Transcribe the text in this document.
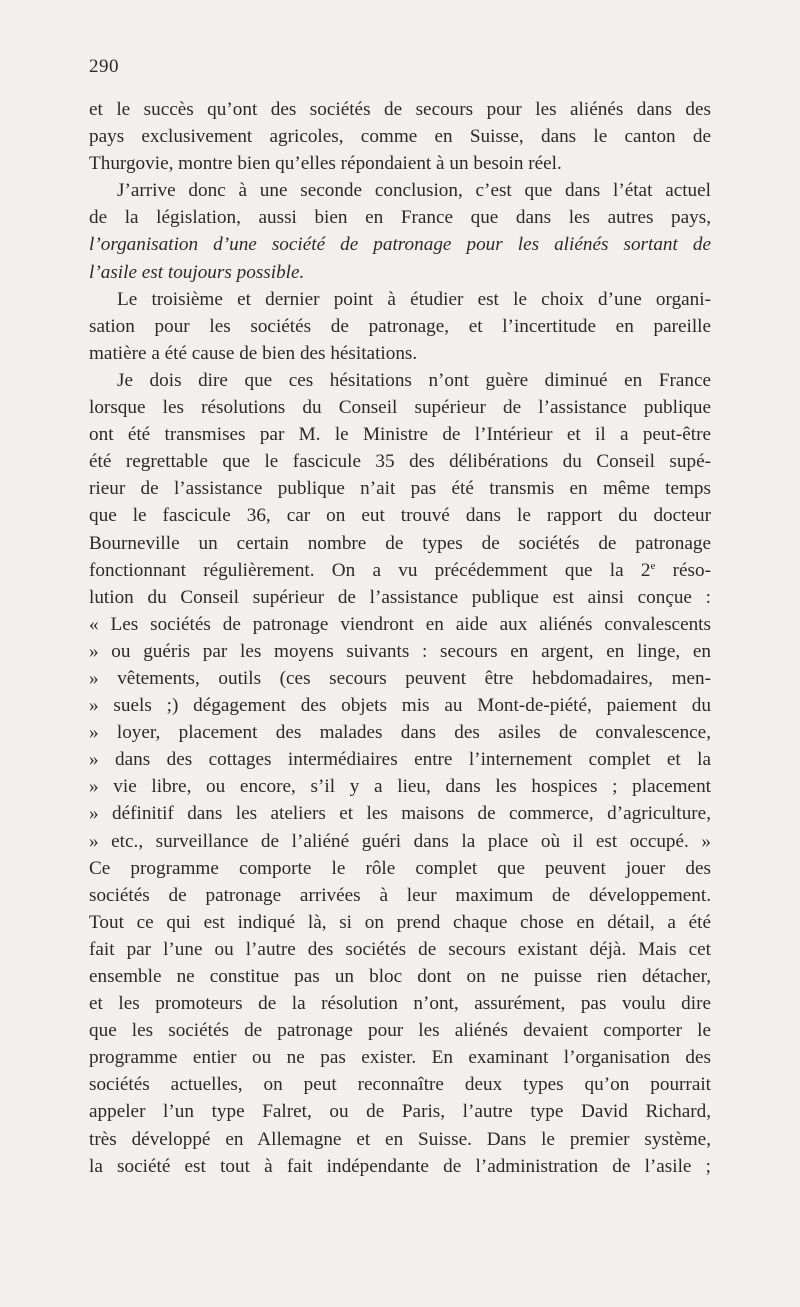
290
et le succès qu’ont des sociétés de secours pour les aliénés dans des
pays exclusivement agricoles, comme en Suisse, dans le canton de
Thurgovie, montre bien qu’elles répondaient à un besoin réel.
J’arrive donc à une seconde conclusion, c’est que dans l’état actuel
de la législation, aussi bien en France que dans les autres pays,
l’organisation d’une société de patronage pour les aliénés sortant de
l’asile est toujours possible.
Le troisième et dernier point à étudier est le choix d’une organi-
sation pour les sociétés de patronage, et l’incertitude en pareille
matière a été cause de bien des hésitations.
Je dois dire que ces hésitations n’ont guère diminué en France
lorsque les résolutions du Conseil supérieur de l’assistance publique
ont été transmises par M. le Ministre de l’Intérieur et il a peut-être
été regrettable que le fascicule 35 des délibérations du Conseil supé-
rieur de l’assistance publique n’ait pas été transmis en même temps
que le fascicule 36, car on eut trouvé dans le rapport du docteur
Bourneville un certain nombre de types de sociétés de patronage
fonctionnant régulièrement. On a vu précédemment que la 2e réso-
lution du Conseil supérieur de l’assistance publique est ainsi conçue :
« Les sociétés de patronage viendront en aide aux aliénés convalescents
» ou guéris par les moyens suivants : secours en argent, en linge, en
» vêtements, outils (ces secours peuvent être hebdomadaires, men-
» suels ;) dégagement des objets mis au Mont-de-piété, paiement du
» loyer, placement des malades dans des asiles de convalescence,
» dans des cottages intermédiaires entre l’internement complet et la
» vie libre, ou encore, s’il y a lieu, dans les hospices ; placement
» définitif dans les ateliers et les maisons de commerce, d’agriculture,
» etc., surveillance de l’aliéné guéri dans la place où il est occupé. »
Ce programme comporte le rôle complet que peuvent jouer des
sociétés de patronage arrivées à leur maximum de développement.
Tout ce qui est indiqué là, si on prend chaque chose en détail, a été
fait par l’une ou l’autre des sociétés de secours existant déjà. Mais cet
ensemble ne constitue pas un bloc dont on ne puisse rien détacher,
et les promoteurs de la résolution n’ont, assurément, pas voulu dire
que les sociétés de patronage pour les aliénés devaient comporter le
programme entier ou ne pas exister. En examinant l’organisation des
sociétés actuelles, on peut reconnaître deux types qu’on pourrait
appeler l’un type Falret, ou de Paris, l’autre type David Richard,
très développé en Allemagne et en Suisse. Dans le premier système,
la société est tout à fait indépendante de l’administration de l’asile ;
